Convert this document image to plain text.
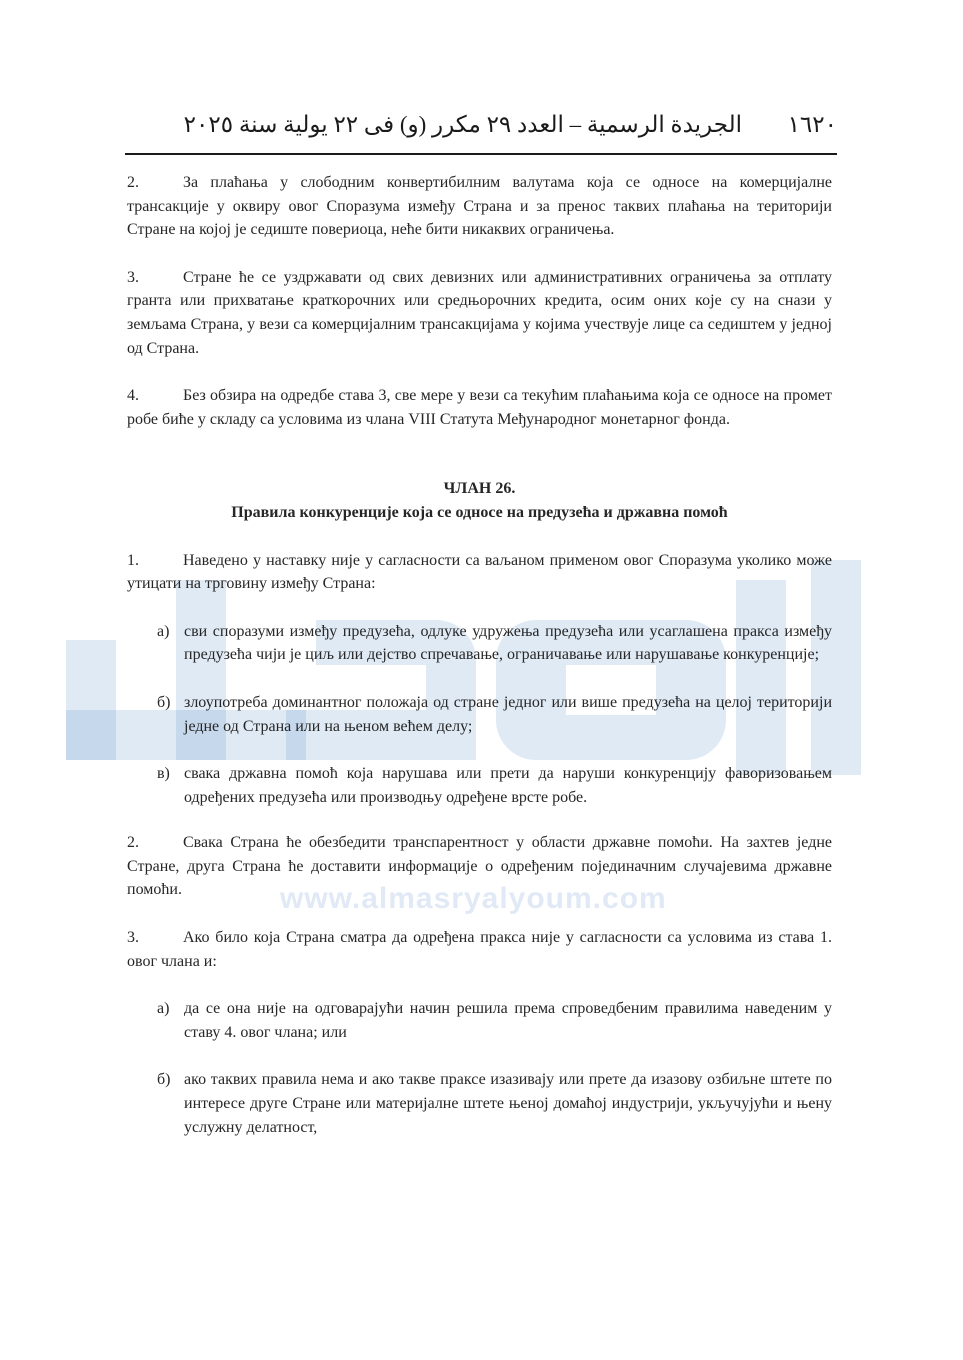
www.almasryalyoum.com
١٦٢٠
الجريدة الرسمية – العدد ٢٩ مكرر (و) فى ٢٢ يولية سنة ٢٠٢٥

2.	За плаћања у слободним конвертибилним валутама која се односе на комерцијалне трансакције у оквиру овог Споразума између Страна и за пренос таквих плаћања на територији Стране на којој је седиште повериоца, неће бити никаквих ограничења.

3.	Стране ће се уздржавати од свих девизних или административних ограничења за отплату гранта или прихватање краткорочних или средњорочних кредита, осим оних које су на снази у земљама Страна, у вези са комерцијалним трансакцијама у којима учествује лице са седиштем у једној од Страна.

4.	Без обзира на одредбе става 3, све мере у вези са текућим плаћањима која се односе на промет робе биће у складу са условима из члана VIII Статута Међународног монетарног фонда.

ЧЛАН 26.

Правила конкуренције која се односе на предузећа и државна помоћ

1.	Наведено у наставку није у сагласности са ваљаном применом овог Споразума уколико може утицати на трговину између Страна:

а) сви споразуми између предузећа, одлуке удружења предузећа или усаглашена пракса између предузећа чији је циљ или дејство спречавање, ограничавање или нарушавање конкуренције;

б) злоупотреба доминантног положаја од стране једног или више предузећа на целој територији једне од Страна или на њеном већем делу;

в) свака државна помоћ која нарушава или прети да наруши конкуренцију фаворизовањем одређених предузећа или производњу одређене врсте робе.

2.	Свака Страна ће обезбедити транспарентност у области државне помоћи. На захтев једне Стране, друга Страна ће доставити информације о одређеним појединачним случајевима државне помоћи.

3.	Ако било која Страна сматра да одређена пракса није у сагласности са условима из става 1. овог члана и:

а) да се она није на одговарајући начин решила према спроведбеним правилима наведеним у ставу 4. овог члана; или

б) ако таквих правила нема и ако такве праксе изазивају или прете да изазову озбиљне штете по интересе друге Стране или материјалне штете њеној домаћој индустрији, укључујући и њену услужну делатност,
